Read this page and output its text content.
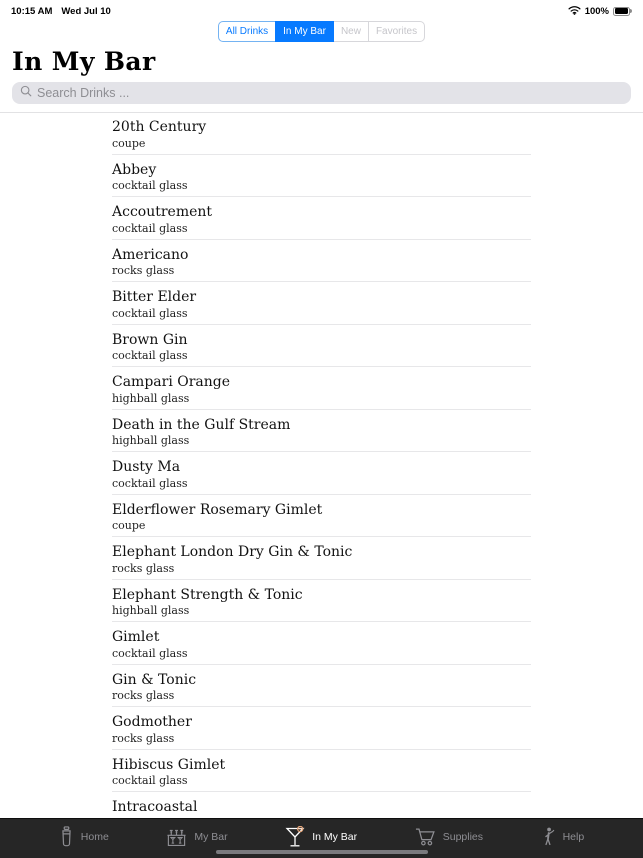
10:15 AM Wed Jul 10	100%
All Drinks	In My Bar	New	Favorites
In My Bar
Search Drinks ...
20th Century
coupe
Abbey
cocktail glass
Accoutrement
cocktail glass
Americano
rocks glass
Bitter Elder
cocktail glass
Brown Gin
cocktail glass
Campari Orange
highball glass
Death in the Gulf Stream
highball glass
Dusty Ma
cocktail glass
Elderflower Rosemary Gimlet
coupe
Elephant London Dry Gin & Tonic
rocks glass
Elephant Strength & Tonic
highball glass
Gimlet
cocktail glass
Gin & Tonic
rocks glass
Godmother
rocks glass
Hibiscus Gimlet
cocktail glass
Intracoastal
Home	My Bar	In My Bar	Supplies	Help
